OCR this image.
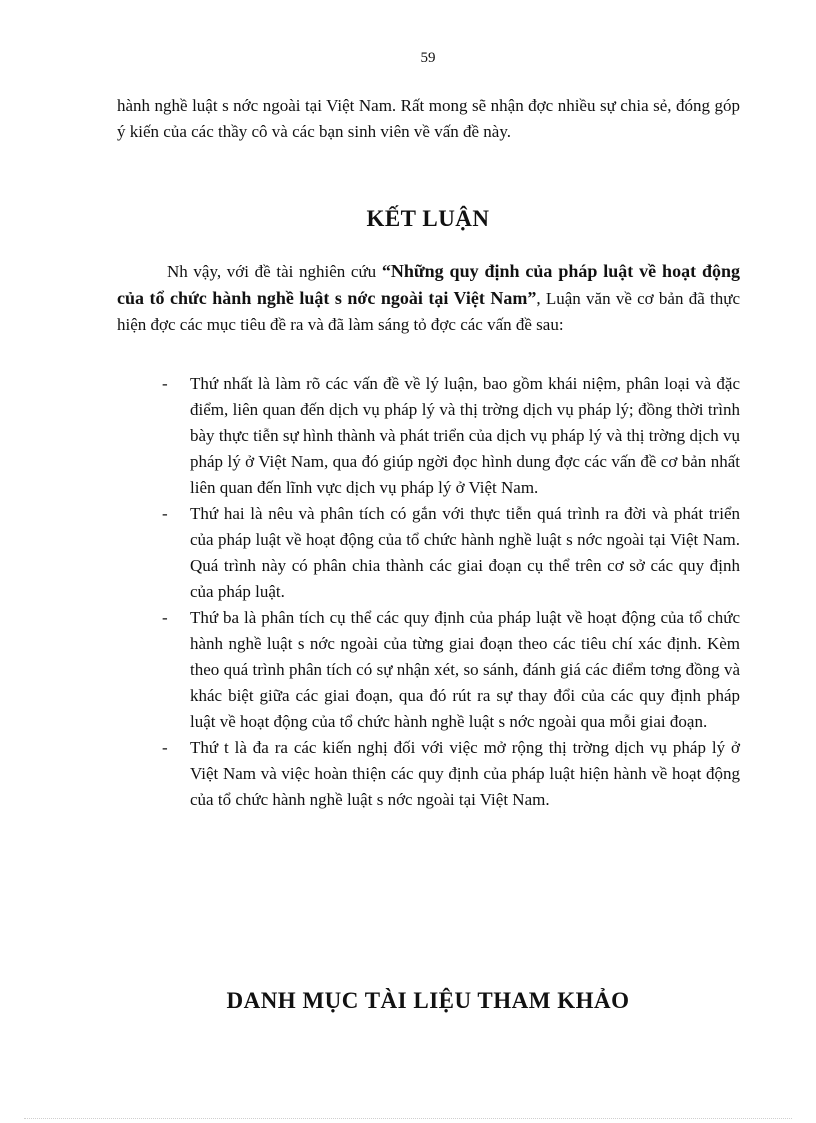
59
hành nghề luật s nớc ngoài tại Việt Nam. Rất mong sẽ nhận đợc nhiều sự chia sẻ, đóng góp ý kiến của các thầy cô và các bạn sinh viên về vấn đề này.
KẾT LUẬN

Nh vậy, với đề tài nghiên cứu “Những quy định của pháp luật về hoạt động của tổ chức hành nghề luật s nớc ngoài tại Việt Nam”, Luận văn về cơ bản đã thực hiện đợc các mục tiêu đề ra và đã làm sáng tỏ đợc các vấn đề sau:

- Thứ nhất là làm rõ các vấn đề về lý luận, bao gồm khái niệm, phân loại và đặc điểm, liên quan đến dịch vụ pháp lý và thị trờng dịch vụ pháp lý; đồng thời trình bày thực tiễn sự hình thành và phát triển của dịch vụ pháp lý và thị trờng dịch vụ pháp lý ở Việt Nam, qua đó giúp ngời đọc hình dung đợc các vấn đề cơ bản nhất liên quan đến lĩnh vực dịch vụ pháp lý ở Việt Nam.
- Thứ hai là nêu và phân tích có gắn với thực tiễn quá trình ra đời và phát triển của pháp luật về hoạt động của tổ chức hành nghề luật s nớc ngoài tại Việt Nam. Quá trình này có phân chia thành các giai đoạn cụ thể trên cơ sở các quy định của pháp luật.
- Thứ ba là phân tích cụ thể các quy định của pháp luật về hoạt động của tổ chức hành nghề luật s nớc ngoài của từng giai đoạn theo các tiêu chí xác định. Kèm theo quá trình phân tích có sự nhận xét, so sánh, đánh giá các điểm tơng đồng và khác biệt giữa các giai đoạn, qua đó rút ra sự thay đổi của các quy định pháp luật về hoạt động của tổ chức hành nghề luật s nớc ngoài qua mỗi giai đoạn.
- Thứ t là đa ra các kiến nghị đối với việc mở rộng thị trờng dịch vụ pháp lý ở Việt Nam và việc hoàn thiện các quy định của pháp luật hiện hành về hoạt động của tổ chức hành nghề luật s nớc ngoài tại Việt Nam.
DANH MỤC TÀI LIỆU THAM KHẢO
